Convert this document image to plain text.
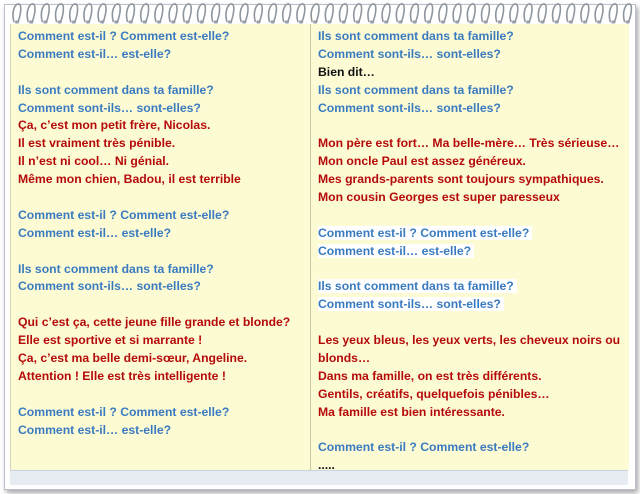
Comment est-il ? Comment est-elle?
Comment est-il… est-elle?
Ils sont comment dans ta famille?
Comment sont-ils… sont-elles?
Ça, c’est mon petit frère, Nicolas.
Il est vraiment très pénible.
Il n’est ni cool… Ni génial.
Même mon chien, Badou, il est terrible
Comment est-il ? Comment est-elle?
Comment est-il… est-elle?
Ils sont comment dans ta famille?
Comment sont-ils… sont-elles?
Qui c’est ça, cette jeune fille grande et blonde?
Elle est sportive et si marrante !
Ça, c’est ma belle demi-sœur, Angeline.
Attention ! Elle est très intelligente !
Comment est-il ? Comment est-elle?
Comment est-il… est-elle?
Ils sont comment dans ta famille?
Comment sont-ils… sont-elles?
Bien dit…
Ils sont comment dans ta famille?
Comment sont-ils… sont-elles?
Mon père est fort… Ma belle-mère… Très sérieuse…
Mon oncle Paul est assez généreux.
Mes grands-parents sont toujours sympathiques.
Mon cousin Georges est super paresseux
Comment est-il ? Comment est-elle?
Comment est-il… est-elle?
Ils sont comment dans ta famille?
Comment sont-ils… sont-elles?
Les yeux bleus, les yeux verts, les cheveux noirs ou
blonds…
Dans ma famille, on est très différents.
Gentils, créatifs, quelquefois pénibles…
Ma famille est bien intéressante.
Comment est-il ? Comment est-elle?
.....
